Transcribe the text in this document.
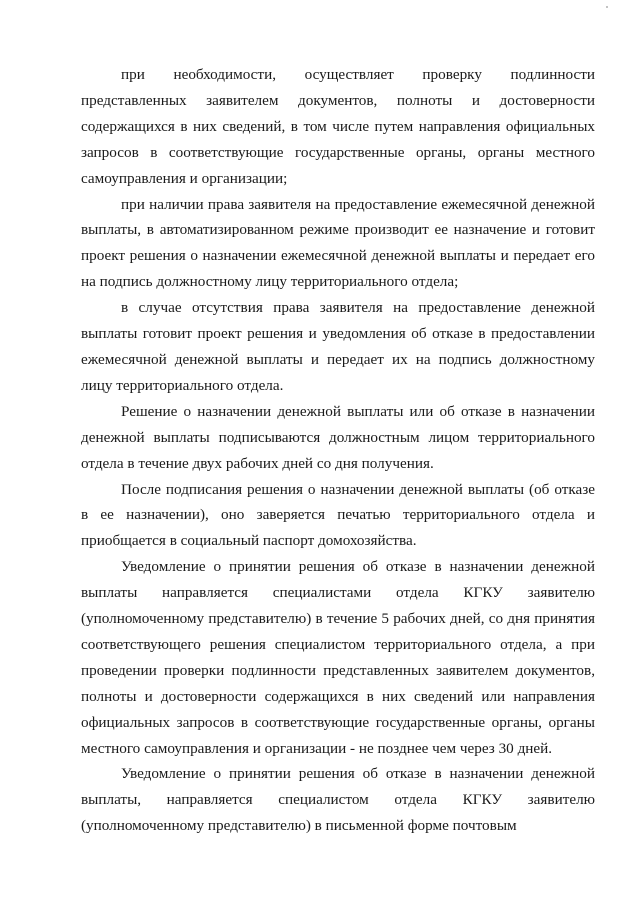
при необходимости, осуществляет проверку подлинности представленных заявителем документов, полноты и достоверности содержащихся в них сведений, в том числе путем направления официальных запросов в соответствующие государственные органы, органы местного самоуправления и организации;

при наличии права заявителя на предоставление ежемесячной денежной выплаты, в автоматизированном режиме производит ее назначение и готовит проект решения о назначении ежемесячной денежной выплаты и передает его на подпись должностному лицу территориального отдела;

в случае отсутствия права заявителя на предоставление денежной выплаты готовит проект решения и уведомления об отказе в предоставлении ежемесячной денежной выплаты и передает их на подпись должностному лицу территориального отдела.

Решение о назначении денежной выплаты или об отказе в назначении денежной выплаты подписываются должностным лицом территориального отдела в течение двух рабочих дней со дня получения.

После подписания решения о назначении денежной выплаты (об отказе в ее назначении), оно заверяется печатью территориального отдела и приобщается в социальный паспорт домохозяйства.

Уведомление о принятии решения об отказе в назначении денежной выплаты направляется специалистами отдела КГКУ заявителю (уполномоченному представителю) в течение 5 рабочих дней, со дня принятия соответствующего решения специалистом территориального отдела, а при проведении проверки подлинности представленных заявителем документов, полноты и достоверности содержащихся в них сведений или направления официальных запросов в соответствующие государственные органы, органы местного самоуправления и организации - не позднее чем через 30 дней.

Уведомление о принятии решения об отказе в назначении денежной выплаты, направляется специалистом отдела КГКУ заявителю (уполномоченному представителю) в письменной форме почтовым
